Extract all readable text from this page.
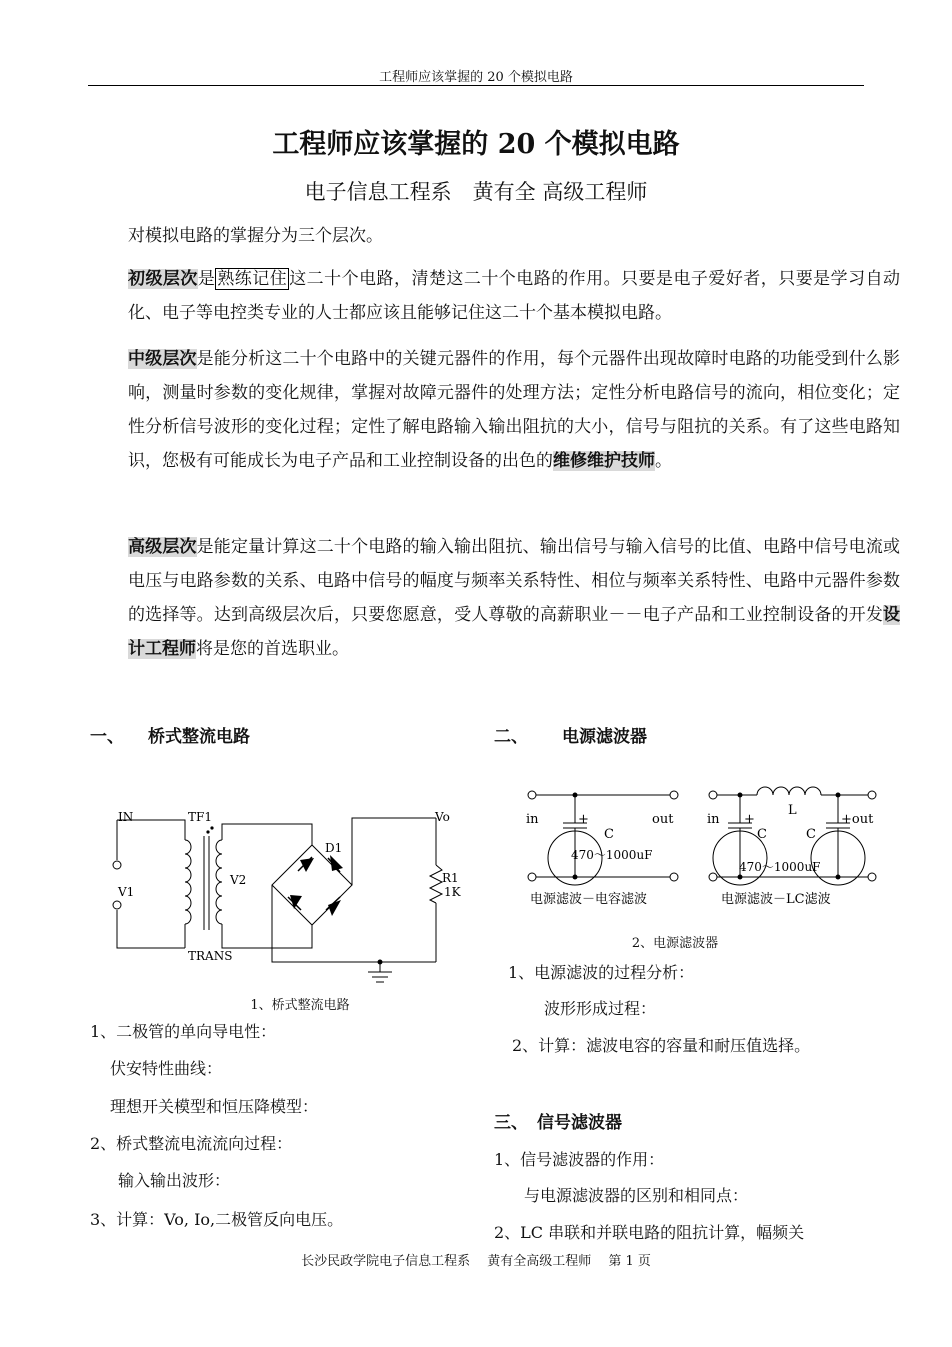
工程师应该掌握的 20 个模拟电路
工程师应该掌握的 20 个模拟电路
电子信息工程系　黄有全 高级工程师
对模拟电路的掌握分为三个层次。
初级层次是 熟练记住 这二十个电路，清楚这二十个电路的作用。只要是电子爱好者，只要是学习自动化、电子等电控类专业的人士都应该且能够记住这二十个基本模拟电路。
中级层次是能分析这二十个电路中的关键元器件的作用，每个元器件出现故障时电路的功能受到什么影响，测量时参数的变化规律，掌握对故障元器件的处理方法；定性分析电路信号的流向，相位变化；定性分析信号波形的变化过程；定性了解电路输入输出阻抗的大小，信号与阻抗的关系。有了这些电路知识，您极有可能成长为电子产品和工业控制设备的出色的维修维护技师。
高级层次是能定量计算这二十个电路的输入输出阻抗、输出信号与输入信号的比值、电路中信号电流或电压与电路参数的关系、电路中信号的幅度与频率关系特性、相位与频率关系特性、电路中元器件参数的选择等。达到高级层次后，只要您愿意，受人尊敬的高薪职业－－电子产品和工业控制设备的开发设计工程师将是您的首选职业。
一、 桥式整流电路	二、 电源滤波器
IN
V1
TF1
V2
TRANS
D1
Vo
R1
1K
1、桥式整流电路
in	+	out
C
470～1000uF
电源滤波－电容滤波
in +
C	C
L
+out
470～1000uF
电源滤波－LC滤波
2、电源滤波器
1、二极管的单向导电性：
伏安特性曲线：
理想开关模型和恒压降模型：
2、桥式整流电流流向过程：
输入输出波形：
3、计算：Vo, Io,二极管反向电压。
1、电源滤波的过程分析：
波形形成过程：
2、计算：滤波电容的容量和耐压值选择。
三、 信号滤波器
1、信号滤波器的作用：
与电源滤波器的区别和相同点：
2、LC 串联和并联电路的阻抗计算，幅频关
长沙民政学院电子信息工程系　 黄有全高级工程师　 第 1 页
